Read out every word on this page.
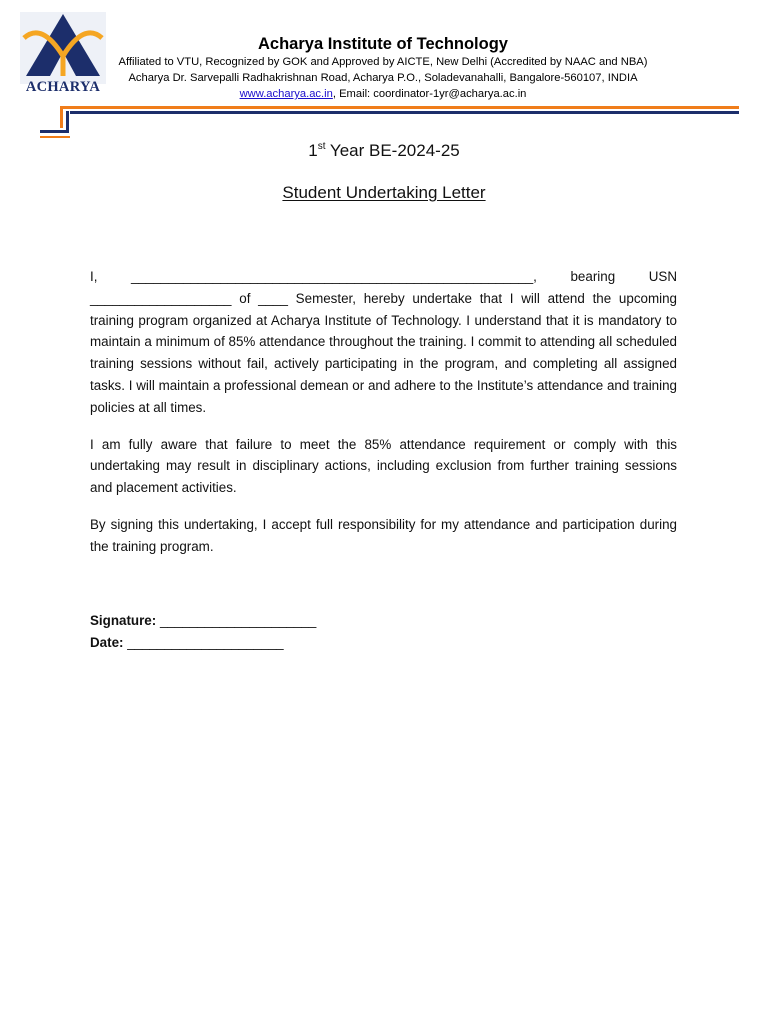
ACHARYA
Acharya Institute of Technology
Affiliated to VTU, Recognized by GOK and Approved by AICTE, New Delhi (Accredited by NAAC and NBA)
Acharya Dr. Sarvepalli Radhakrishnan Road, Acharya P.O., Soladevanahalli, Bangalore-560107, INDIA
www.acharya.ac.in, Email: coordinator-1yr@acharya.ac.in
1st Year BE-2024-25
Student Undertaking Letter

I, ______________________________________________________, bearing USN ___________________ of ____ Semester, hereby undertake that I will attend the upcoming training program organized at Acharya Institute of Technology. I understand that it is mandatory to maintain a minimum of 85% attendance throughout the training. I commit to attending all scheduled training sessions without fail, actively participating in the program, and completing all assigned tasks. I will maintain a professional demean or and adhere to the Institute’s attendance and training policies at all times.

I am fully aware that failure to meet the 85% attendance requirement or comply with this undertaking may result in disciplinary actions, including exclusion from further training sessions and placement activities.

By signing this undertaking, I accept full responsibility for my attendance and participation during the training program.

Signature: _____________________
Date: _____________________
